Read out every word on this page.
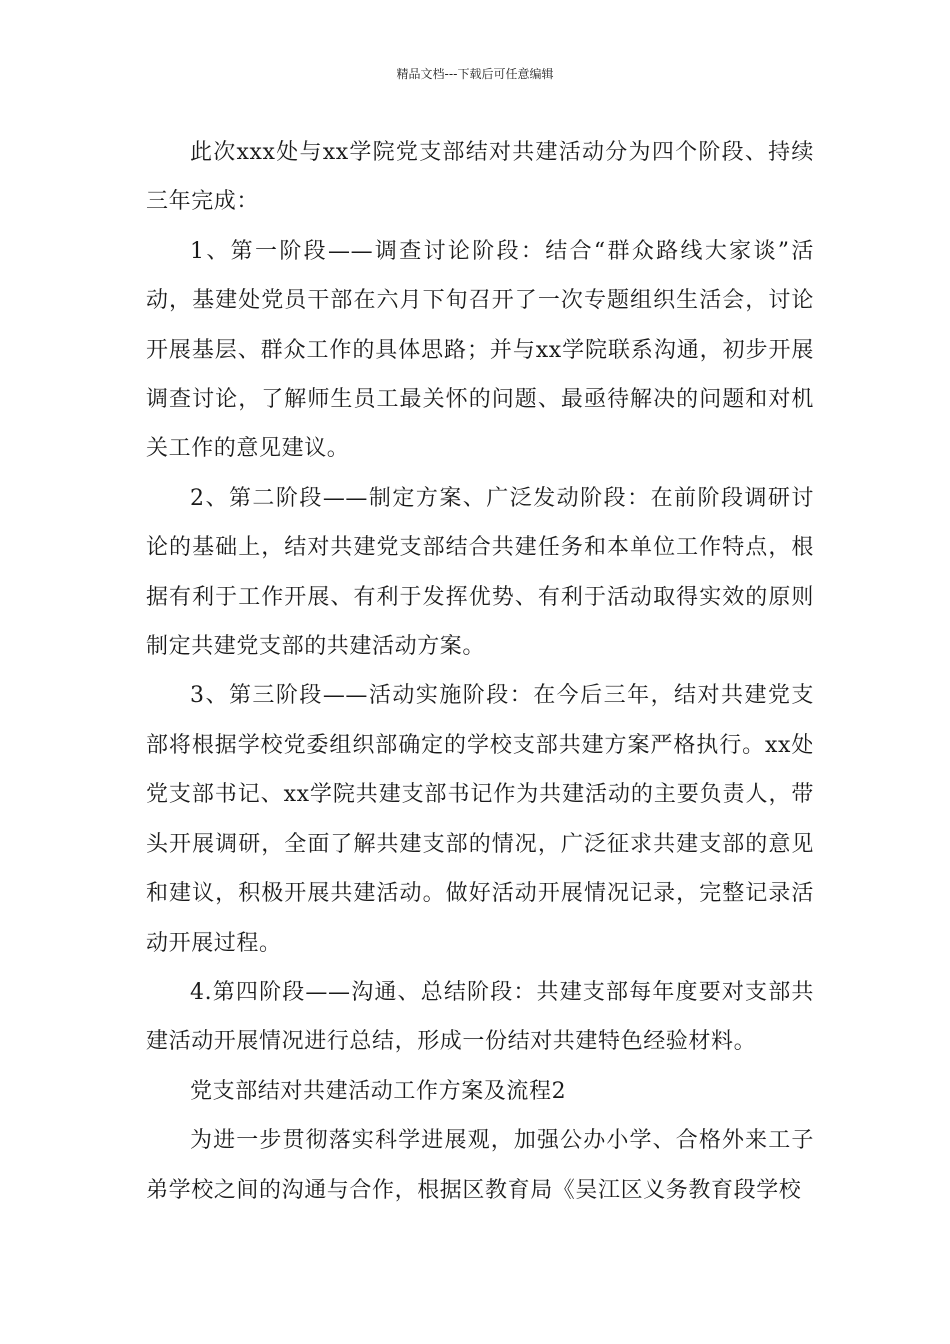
精品文档---下载后可任意编辑

此次xxx处与xx学院党支部结对共建活动分为四个阶段、持续三年完成：

1、第一阶段——调查讨论阶段：结合“群众路线大家谈”活动，基建处党员干部在六月下旬召开了一次专题组织生活会，讨论开展基层、群众工作的具体思路；并与xx学院联系沟通，初步开展调查讨论，了解师生员工最关怀的问题、最亟待解决的问题和对机关工作的意见建议。

2、第二阶段——制定方案、广泛发动阶段：在前阶段调研讨论的基础上，结对共建党支部结合共建任务和本单位工作特点，根据有利于工作开展、有利于发挥优势、有利于活动取得实效的原则制定共建党支部的共建活动方案。

3、第三阶段——活动实施阶段：在今后三年，结对共建党支部将根据学校党委组织部确定的学校支部共建方案严格执行。xx处党支部书记、xx学院共建支部书记作为共建活动的主要负责人，带头开展调研，全面了解共建支部的情况，广泛征求共建支部的意见和建议，积极开展共建活动。做好活动开展情况记录，完整记录活动开展过程。

4.第四阶段——沟通、总结阶段：共建支部每年度要对支部共建活动开展情况进行总结，形成一份结对共建特色经验材料。

党支部结对共建活动工作方案及流程2

为进一步贯彻落实科学进展观，加强公办小学、合格外来工子弟学校之间的沟通与合作，根据区教育局《吴江区义务教育段学校
